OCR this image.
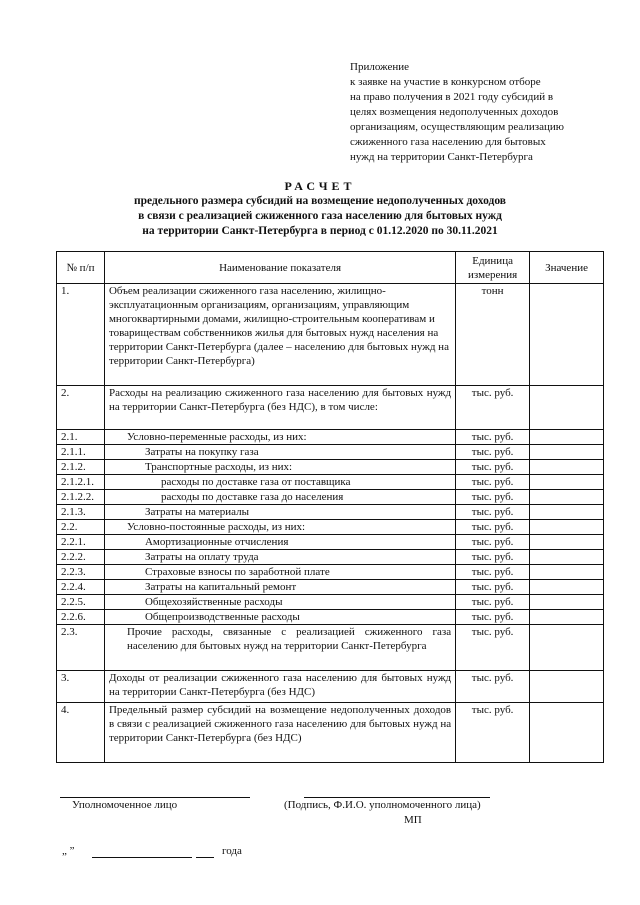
Приложение
к заявке на участие в конкурсном отборе
на право получения в 2021 году субсидий в
целях возмещения недополученных доходов
организациям, осуществляющим реализацию
сжиженного газа населению для бытовых
нужд на территории Санкт-Петербурга
РАСЧЕТ
предельного размера субсидий на возмещение недополученных доходов
в связи с реализацией сжиженного газа населению для бытовых нужд
на территории Санкт-Петербурга в период с 01.12.2020 по 30.11.2021
№ п/п	Наименование показателя	Единица измерения	Значение
1.	Объем реализации сжиженного газа населению, жилищно-эксплуатационным организациям, организациям, управляющим многоквартирными домами, жилищно-строительным кооперативам и товариществам собственников жилья для бытовых нужд населения на территории Санкт-Петербурга (далее – населению для бытовых нужд на территории Санкт-Петербурга)	тонн	
2.	Расходы на реализацию сжиженного газа населению для бытовых нужд на территории Санкт-Петербурга (без НДС), в том числе:	тыс. руб.	
2.1.	Условно-переменные расходы, из них:	тыс. руб.	
2.1.1.	Затраты на покупку газа	тыс. руб.	
2.1.2.	Транспортные расходы, из них:	тыс. руб.	
2.1.2.1.	расходы по доставке газа от поставщика	тыс. руб.	
2.1.2.2.	расходы по доставке газа до населения	тыс. руб.	
2.1.3.	Затраты на материалы	тыс. руб.	
2.2.	Условно-постоянные расходы, из них:	тыс. руб.	
2.2.1.	Амортизационные отчисления	тыс. руб.	
2.2.2.	Затраты на оплату труда	тыс. руб.	
2.2.3.	Страховые взносы по заработной плате	тыс. руб.	
2.2.4.	Затраты на капитальный ремонт	тыс. руб.	
2.2.5.	Общехозяйственные расходы	тыс. руб.	
2.2.6.	Общепроизводственные расходы	тыс. руб.	
2.3.	Прочие расходы, связанные с реализацией сжиженного газа населению для бытовых нужд на территории Санкт-Петербурга	тыс. руб.	
3.	Доходы от реализации сжиженного газа населению для бытовых нужд на территории Санкт-Петербурга (без НДС)	тыс. руб.	
4.	Предельный размер субсидий на возмещение недополученных доходов в связи с реализацией сжиженного газа населению для бытовых нужд на территории Санкт-Петербурга (без НДС)	тыс. руб.	
Уполномоченное лицо	(Подпись, Ф.И.О. уполномоченного лица)
МП
„ ”	года
